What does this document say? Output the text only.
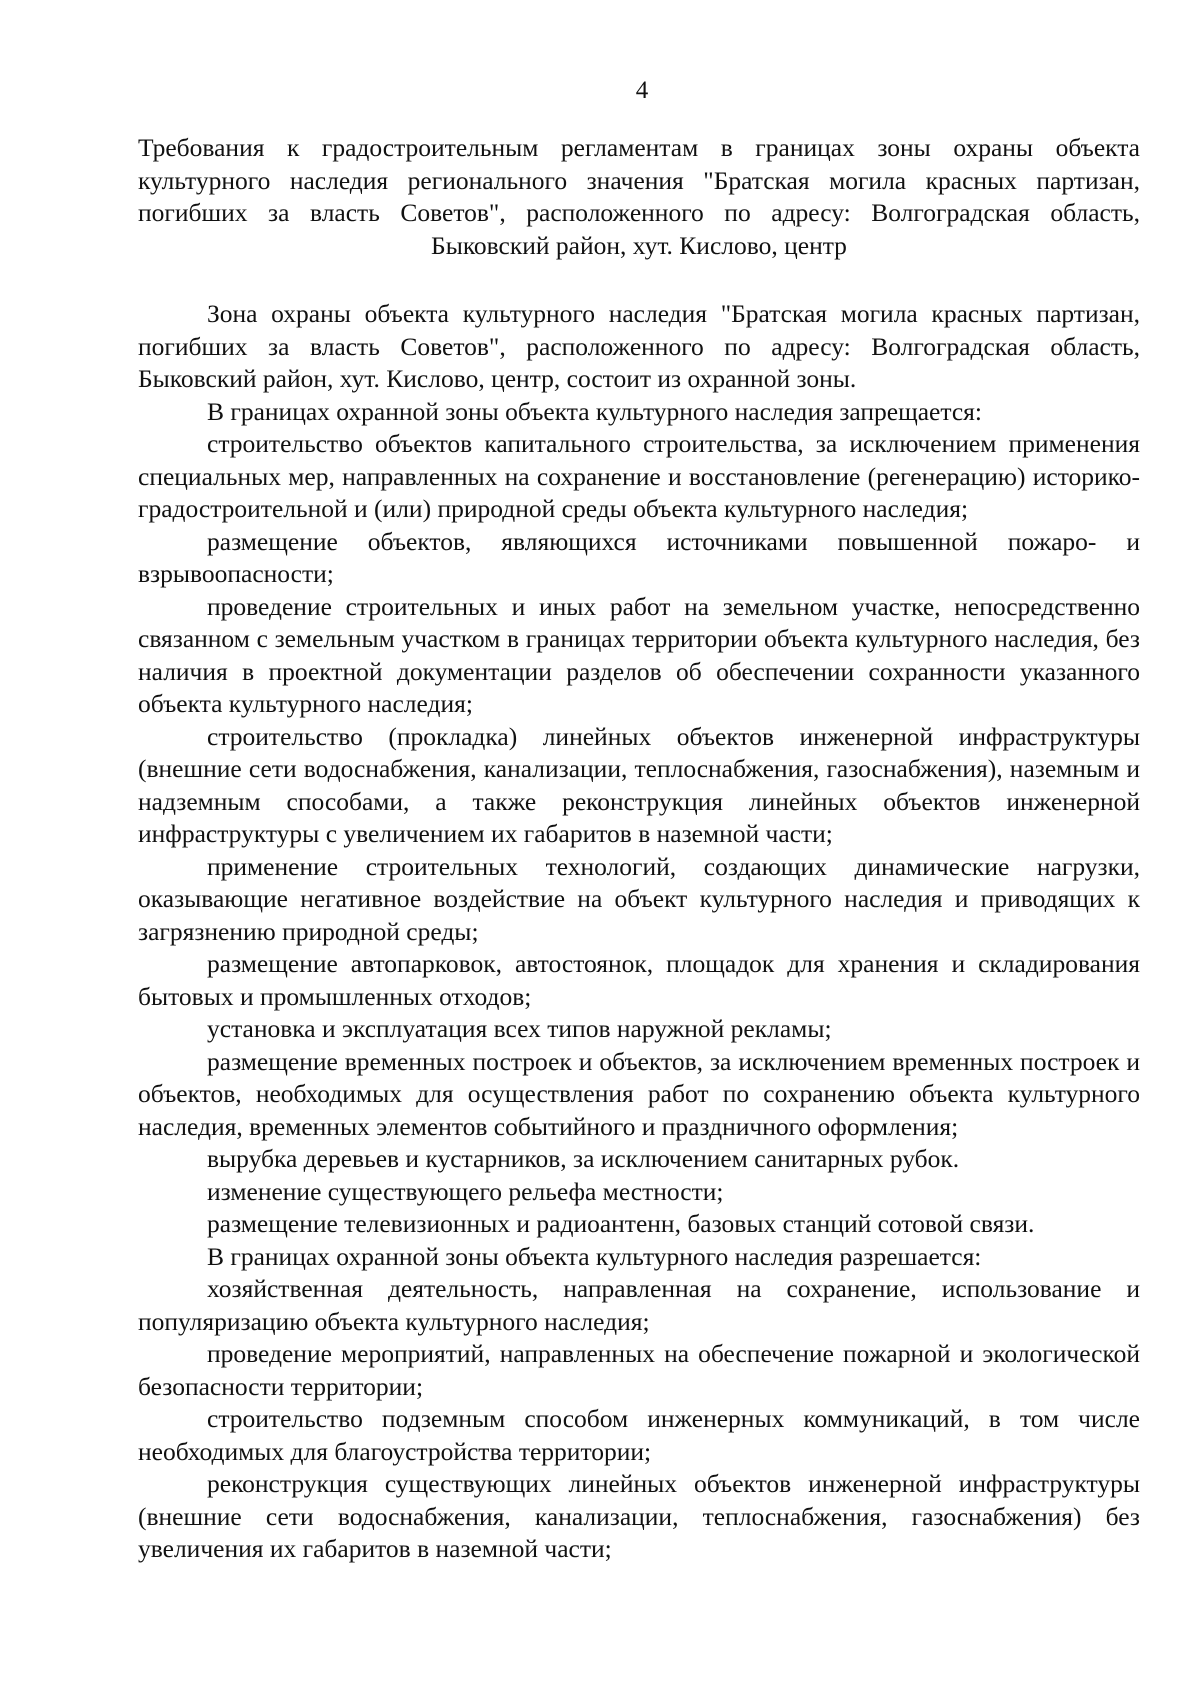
4

Требования к градостроительным регламентам в границах зоны охраны объекта культурного наследия регионального значения "Братская могила красных партизан, погибших за власть Советов", расположенного по адресу: Волгоградская область, Быковский район, хут. Кислово, центр

Зона охраны объекта культурного наследия "Братская могила красных партизан, погибших за власть Советов", расположенного по адресу: Волгоградская область, Быковский район, хут. Кислово, центр, состоит из охранной зоны.

В границах охранной зоны объекта культурного наследия запрещается:

строительство объектов капитального строительства, за исключением применения специальных мер, направленных на сохранение и восстановление (регенерацию) историко-градостроительной и (или) природной среды объекта культурного наследия;

размещение объектов, являющихся источниками повышенной пожаро- и взрывоопасности;

проведение строительных и иных работ на земельном участке, непосредственно связанном с земельным участком в границах территории объекта культурного наследия, без наличия в проектной документации разделов об обеспечении сохранности указанного объекта культурного наследия;

строительство (прокладка) линейных объектов инженерной инфраструктуры (внешние сети водоснабжения, канализации, теплоснабжения, газоснабжения), наземным и надземным способами, а также реконструкция линейных объектов инженерной инфраструктуры с увеличением их габаритов в наземной части;

применение строительных технологий, создающих динамические нагрузки, оказывающие негативное воздействие на объект культурного наследия и приводящих к загрязнению природной среды;

размещение автопарковок, автостоянок, площадок для хранения и складирования бытовых и промышленных отходов;

установка и эксплуатация всех типов наружной рекламы;

размещение временных построек и объектов, за исключением временных построек и объектов, необходимых для осуществления работ по сохранению объекта культурного наследия, временных элементов событийного и праздничного оформления;

вырубка деревьев и кустарников, за исключением санитарных рубок.

изменение существующего рельефа местности;

размещение телевизионных и радиоантенн, базовых станций сотовой связи.

В границах охранной зоны объекта культурного наследия разрешается:

хозяйственная деятельность, направленная на сохранение, использование и популяризацию объекта культурного наследия;

проведение мероприятий, направленных на обеспечение пожарной и экологической безопасности территории;

строительство подземным способом инженерных коммуникаций, в том числе необходимых для благоустройства территории;

реконструкция существующих линейных объектов инженерной инфраструктуры (внешние сети водоснабжения, канализации, теплоснабжения, газоснабжения) без увеличения их габаритов в наземной части;
